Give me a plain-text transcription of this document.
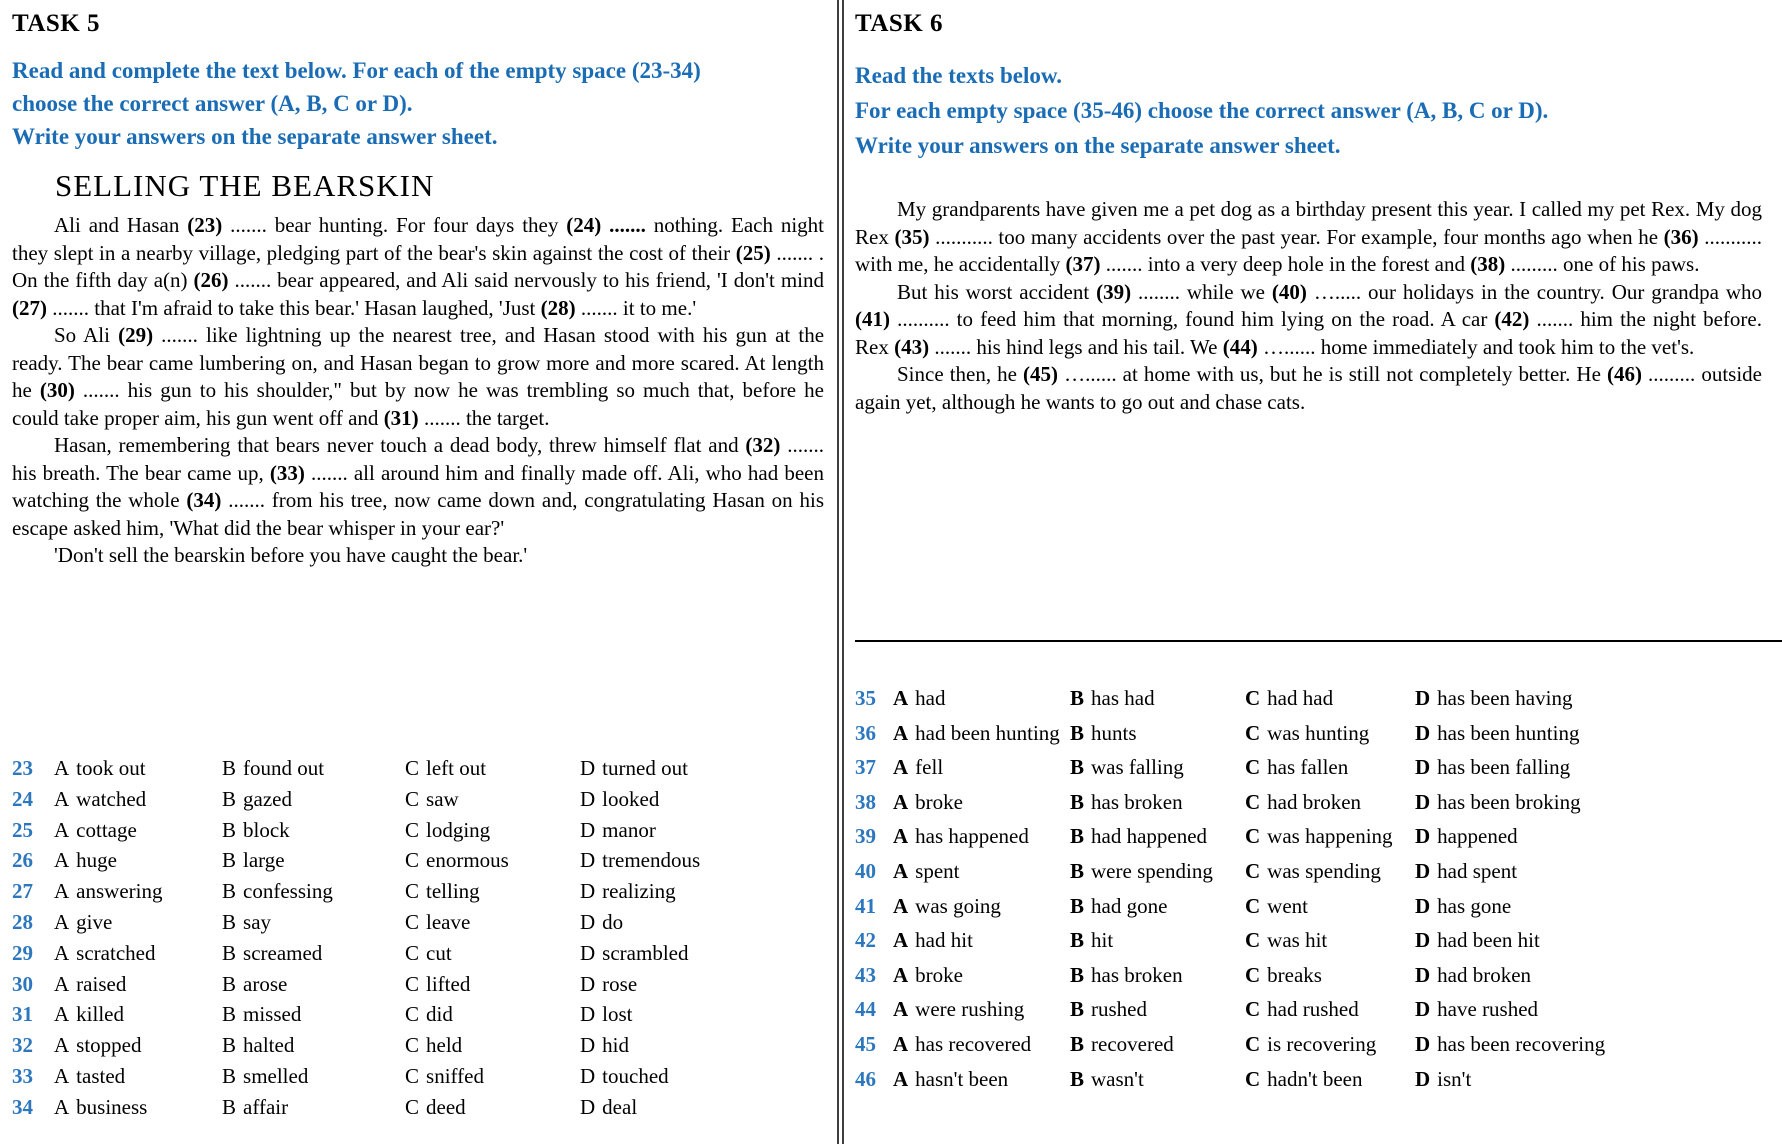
TASK 5
Read and complete the text below. For each of the empty space (23-34)
choose the correct answer (A, B, C or D).
Write your answers on the separate answer sheet.
SELLING THE BEARSKIN

Ali and Hasan (23) ....... bear hunting. For four days they (24) ....... nothing. Each night they slept in a nearby village, pledging part of the bear's skin against the cost of their (25) ....... . On the fifth day a(n) (26) ....... bear appeared, and Ali said nervously to his friend, 'I don't mind (27) ....... that I'm afraid to take this bear.' Hasan laughed, 'Just (28) ....... it to me.'

So Ali (29) ....... like lightning up the nearest tree, and Hasan stood with his gun at the ready. The bear came lumbering on, and Hasan began to grow more and more scared. At length he (30) ....... his gun to his shoulder," but by now he was trembling so much that, before he could take proper aim, his gun went off and (31) ....... the target.

Hasan, remembering that bears never touch a dead body, threw himself flat and (32) ....... his breath. The bear came up, (33) ....... all around him and finally made off. Ali, who had been watching the whole (34) ....... from his tree, now came down and, congratulating Hasan on his escape asked him, 'What did the bear whisper in your ear?'

'Don't sell the bearskin before you have caught the bear.'

23	A took out	B found out	C left out	D turned out
24	A watched	B gazed	C saw	D looked
25	A cottage	B block	C lodging	D manor
26	A huge	B large	C enormous	D tremendous
27	A answering	B confessing	C telling	D realizing
28	A give	B say	C leave	D do
29	A scratched	B screamed	C cut	D scrambled
30	A raised	B arose	C lifted	D rose
31	A killed	B missed	C did	D lost
32	A stopped	B halted	C held	D hid
33	A tasted	B smelled	C sniffed	D touched
34	A business	B affair	C deed	D deal
TASK 6
Read the texts below.
For each empty space (35-46) choose the correct answer (A, B, C or D).
Write your answers on the separate answer sheet.

My grandparents have given me a pet dog as a birthday present this year. I called my pet Rex. My dog Rex (35) ........... too many accidents over the past year. For example, four months ago when he (36) ........... with me, he accidentally (37) ....... into a very deep hole in the forest and (38) ......... one of his paws.

But his worst accident (39) ........ while we (40) …..... our holidays in the country. Our grandpa who (41) .......... to feed him that morning, found him lying on the road. A car (42) ....... him the night before. Rex (43) ....... his hind legs and his tail. We (44) …...... home immediately and took him to the vet's.

Since then, he (45) …...... at home with us, but he is still not completely better. He (46) ......... outside again yet, although he wants to go out and chase cats.

35 A had	B has had	C had had	D has been having
36 A had been hunting B hunts	C was hunting	D has been hunting
37 A fell	B was falling	C has fallen	D has been falling
38 A broke	B has broken	C had broken	D has been broking
39 A has happened	B had happened	C was happening	D happened
40 A spent	B were spending	C was spending	D had spent
41 A was going	B had gone	C went	D has gone
42 A had hit	B hit	C was hit	D had been hit
43 A broke	B has broken	C breaks	D had broken
44 A were rushing	B rushed	C had rushed	D have rushed
45 A has recovered	B recovered	C is recovering	D has been recovering
46 A hasn't been	B wasn't	C hadn't been	D isn't
